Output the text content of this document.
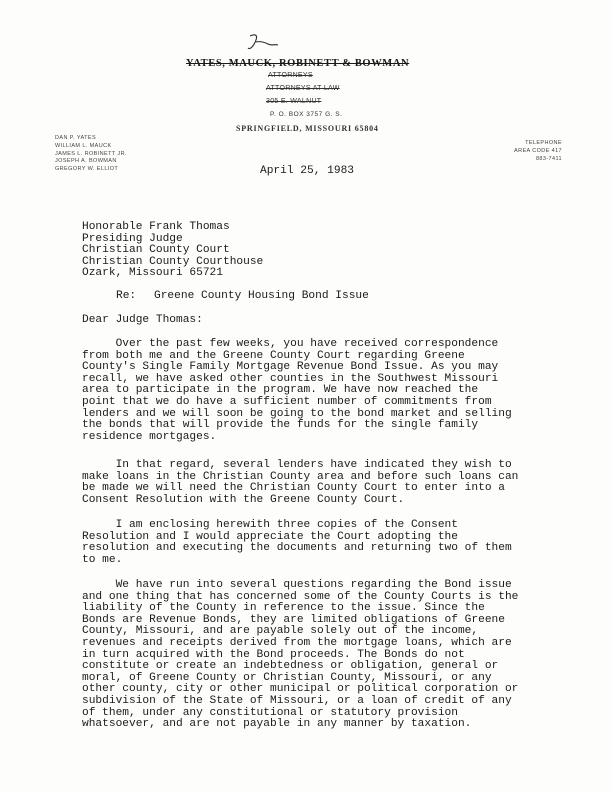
YATES, MAUCK, ROBINETT & BOWMAN
ATTORNEYS
ATTORNEYS AT LAW
305 E. WALNUT
P. O. BOX 3757 G. S.
SPRINGFIELD, MISSOURI 65804
DAN P. YATES
WILLIAM L. MAUCK
JAMES L. ROBINETT JR.
JOSEPH A. BOWMAN
GREGORY W. ELLIOT
TELEPHONE
AREA CODE 417
883-7411
April 25, 1983
Honorable Frank Thomas
Presiding Judge
Christian County Court
Christian County Courthouse
Ozark, Missouri 65721
Re: Greene County Housing Bond Issue
Dear Judge Thomas:
Over the past few weeks, you have received correspondence
from both me and the Greene County Court regarding Greene
County's Single Family Mortgage Revenue Bond Issue. As you may
recall, we have asked other counties in the Southwest Missouri
area to participate in the program. We have now reached the
point that we do have a sufficient number of commitments from
lenders and we will soon be going to the bond market and selling
the bonds that will provide the funds for the single family
residence mortgages.
In that regard, several lenders have indicated they wish to
make loans in the Christian County area and before such loans can
be made we will need the Christian County Court to enter into a
Consent Resolution with the Greene County Court.
I am enclosing herewith three copies of the Consent
Resolution and I would appreciate the Court adopting the
resolution and executing the documents and returning two of them
to me.
We have run into several questions regarding the Bond issue
and one thing that has concerned some of the County Courts is the
liability of the County in reference to the issue. Since the
Bonds are Revenue Bonds, they are limited obligations of Greene
County, Missouri, and are payable solely out of the income,
revenues and receipts derived from the mortgage loans, which are
in turn acquired with the Bond proceeds. The Bonds do not
constitute or create an indebtedness or obligation, general or
moral, of Greene County or Christian County, Missouri, or any
other county, city or other municipal or political corporation or
subdivision of the State of Missouri, or a loan of credit of any
of them, under any constitutional or statutory provision
whatsoever, and are not payable in any manner by taxation.
